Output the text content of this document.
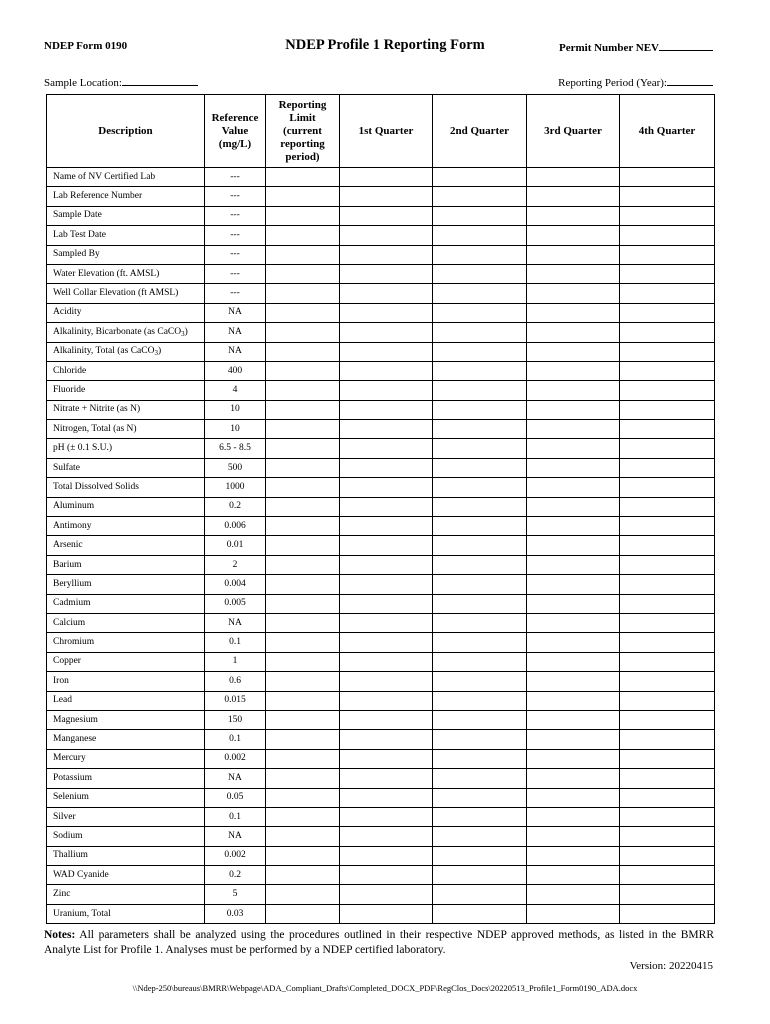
NDEP Form 0190	NDEP Profile 1 Reporting Form	Permit Number NEV
Sample Location:	Reporting Period (Year):
Description	Reference Value (mg/L)	Reporting Limit (current reporting period)	1st Quarter	2nd Quarter	3rd Quarter	4th Quarter
Name of NV Certified Lab	---					
Lab Reference Number	---					
Sample Date	---					
Lab Test Date	---					
Sampled By	---					
Water Elevation (ft. AMSL)	---					
Well Collar Elevation (ft AMSL)	---					
Acidity	NA					
Alkalinity, Bicarbonate (as CaCO$_3$)	NA					
Alkalinity, Total (as CaCO$_3$)	NA					
Chloride	400					
Fluoride	4					
Nitrate + Nitrite (as N)	10					
Nitrogen, Total (as N)	10					
pH (± 0.1 S.U.)	6.5 - 8.5					
Sulfate	500					
Total Dissolved Solids	1000					
Aluminum	0.2					
Antimony	0.006					
Arsenic	0.01					
Barium	2					
Beryllium	0.004					
Cadmium	0.005					
Calcium	NA					
Chromium	0.1					
Copper	1					
Iron	0.6					
Lead	0.015					
Magnesium	150					
Manganese	0.1					
Mercury	0.002					
Potassium	NA					
Selenium	0.05					
Silver	0.1					
Sodium	NA					
Thallium	0.002					
WAD Cyanide	0.2					
Zinc	5					
Uranium, Total	0.03					
Notes: All parameters shall be analyzed using the procedures outlined in their respective NDEP approved methods, as listed in the BMRR Analyte List for Profile 1. Analyses must be performed by a NDEP certified laboratory.
Version: 20220415
\\Ndep-250\bureaus\BMRR\Webpage\ADA_Compliant_Drafts\Completed_DOCX_PDF\RegClos_Docs\20220513_Profile1_Form0190_ADA.docx
